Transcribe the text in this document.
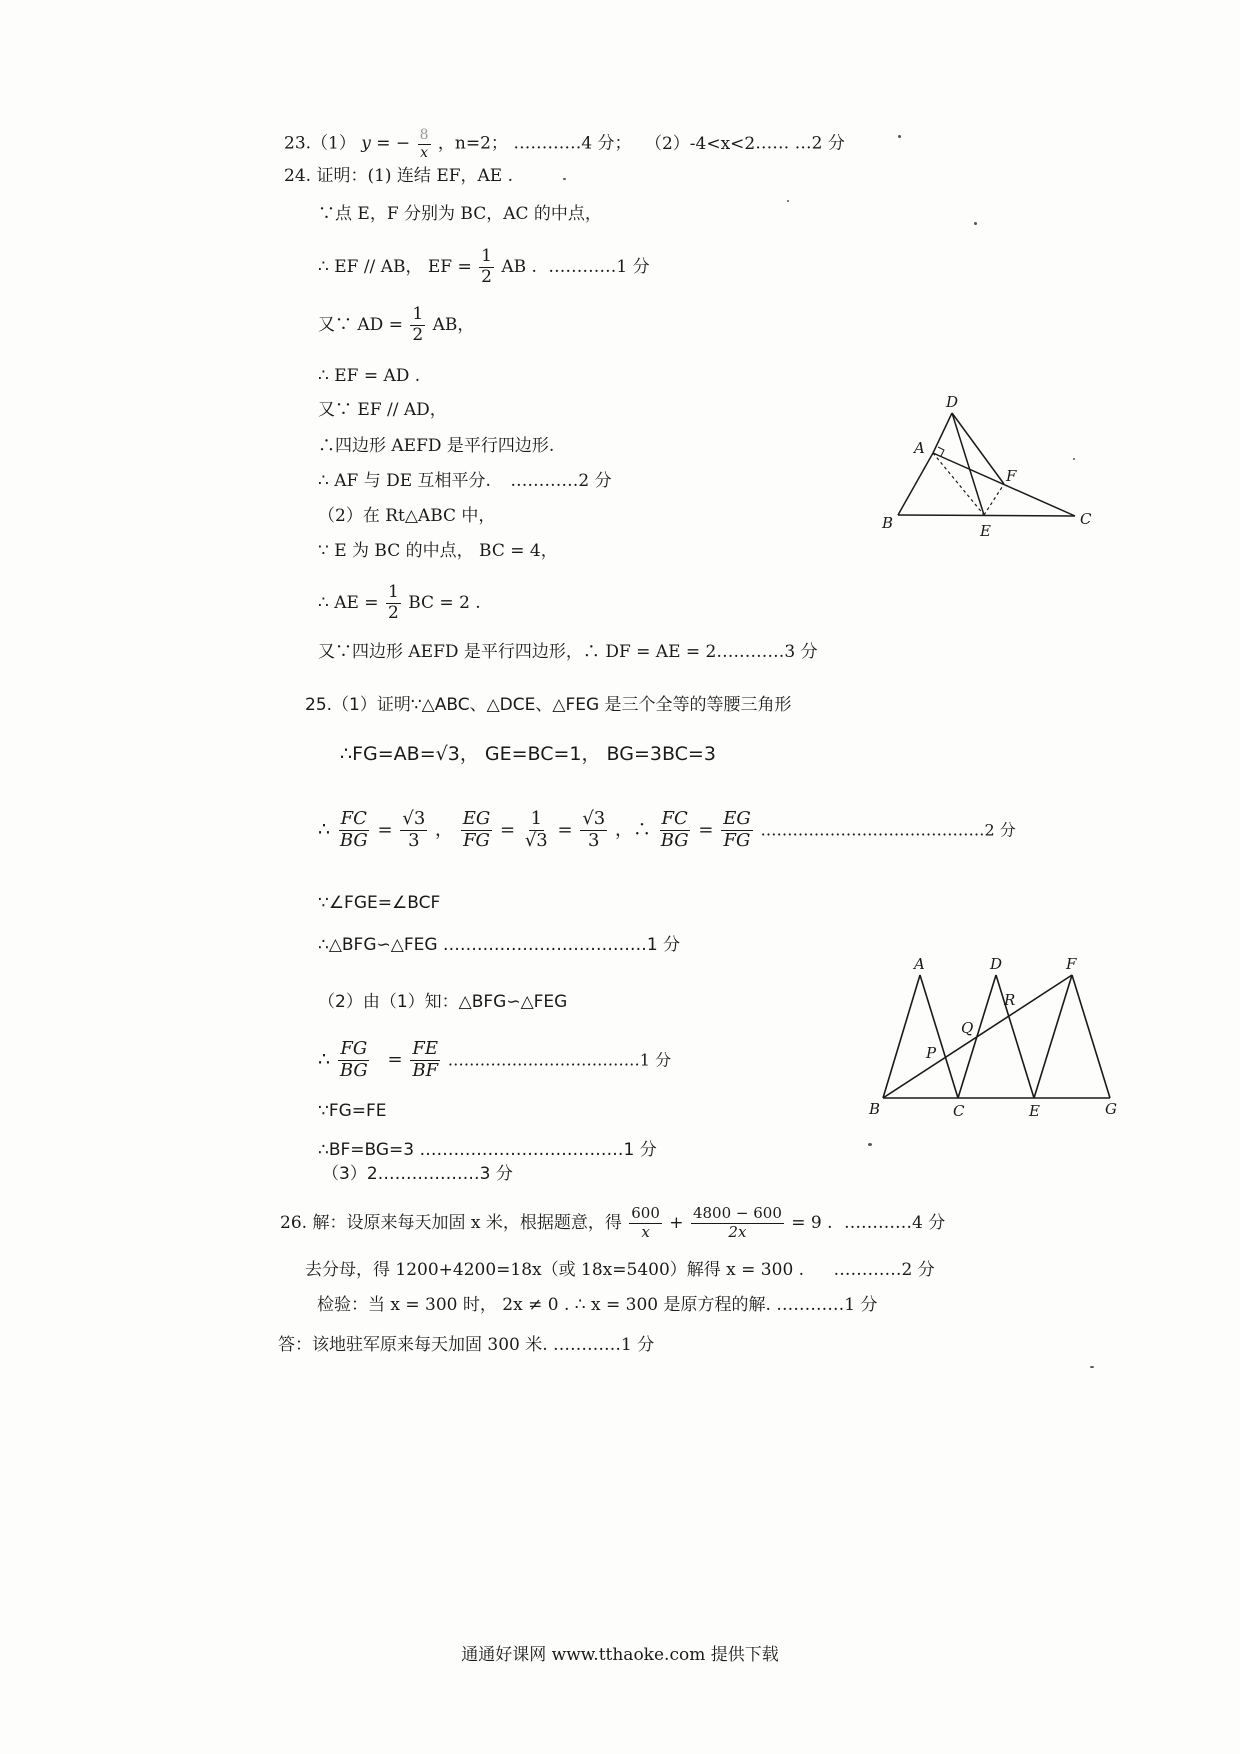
23.（1） y = − $\frac{8}{x}$ ，n=2； …………4 分； （2）-4<x<2…… …2 分
24. 证明：(1) 连结 EF，AE .
∵点 E，F 分别为 BC，AC 的中点，
∴ EF // AB， EF = $\frac{1}{2}$ AB . …………1 分
又∵ AD = $\frac{1}{2}$ AB，
∴ EF = AD .
又∵ EF // AD，
∴四边形 AEFD 是平行四边形.
∴ AF 与 DE 互相平分. …………2 分
（2）在 Rt△ABC 中，
∵ E 为 BC 的中点， BC = 4，
∴ AE = $\frac{1}{2}$ BC = 2 .
又∵四边形 AEFD 是平行四边形，∴ DF = AE = 2…………3 分
D
A
F
B	E
C
25.（1）证明∵△ABC、△DCE、△FEG 是三个全等的等腰三角形
∴FG=AB=√3， GE=BC=1， BG=3BC=3
∴ $\frac{FC}{BG} = \frac{√3}{3}$ ， $\frac{EG}{FG} = \frac{1}{√3} = \frac{√3}{3}$ ，∴ $\frac{FC}{BG} = \frac{EG}{FG}$ ……………………………………2 分
∵∠FGE=∠BCF
∴△BFG∽△FEG ………………………………1 分
（2）由（1）知：△BFG∽△FEG
∴ $\frac{FG}{BG} = \frac{FE}{BF}$ ………………………………1 分
∵FG=FE
∴BF=BG=3 ………………………………1 分
（3）2………………3 分
A	D	F
R
Q
P
B	C	E	G
26. 解：设原来每天加固 x 米，根据题意，得 $\frac{600}{x} + \frac{4800 - 600}{2x} = 9$ . …………4 分
去分母，得 1200+4200=18x（或 18x=5400）解得 x = 300 . …………2 分
检验：当 x = 300 时， 2x ≠ 0 . ∴ x = 300 是原方程的解. …………1 分
答：该地驻军原来每天加固 300 米. …………1 分
通通好课网 www.tthaoke.com 提供下载
